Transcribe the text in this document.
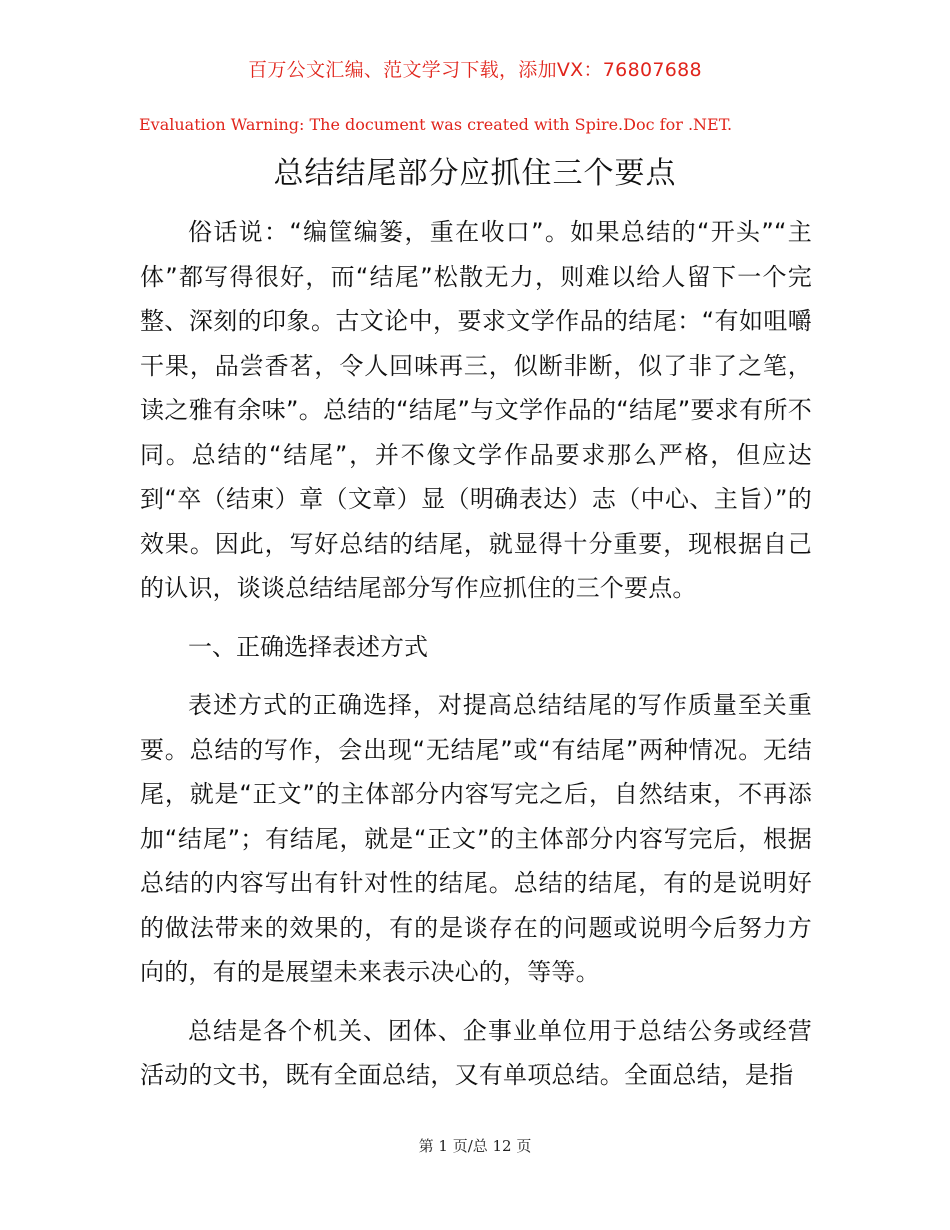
百万公文汇编、范文学习下载，添加VX：76807688
Evaluation Warning: The document was created with Spire.Doc for .NET.
总结结尾部分应抓住三个要点

俗话说：“编筐编篓，重在收口”。如果总结的“开头”“主体”都写得很好，而“结尾”松散无力，则难以给人留下一个完整、深刻的印象。古文论中，要求文学作品的结尾：“有如咀嚼干果，品尝香茗，令人回味再三，似断非断，似了非了之笔，读之雅有余味”。总结的“结尾”与文学作品的“结尾”要求有所不同。总结的“结尾”，并不像文学作品要求那么严格，但应达到“卒（结束）章（文章）显（明确表达）志（中心、主旨）”的效果。因此，写好总结的结尾，就显得十分重要，现根据自己的认识，谈谈总结结尾部分写作应抓住的三个要点。

一、正确选择表述方式

表述方式的正确选择，对提高总结结尾的写作质量至关重要。总结的写作，会出现“无结尾”或“有结尾”两种情况。无结尾，就是“正文”的主体部分内容写完之后，自然结束，不再添加“结尾”；有结尾，就是“正文”的主体部分内容写完后，根据总结的内容写出有针对性的结尾。总结的结尾，有的是说明好的做法带来的效果的，有的是谈存在的问题或说明今后努力方向的，有的是展望未来表示决心的，等等。

总结是各个机关、团体、企事业单位用于总结公务或经营活动的文书，既有全面总结，又有单项总结。全面总结，是指

第 1 页/总 12 页
